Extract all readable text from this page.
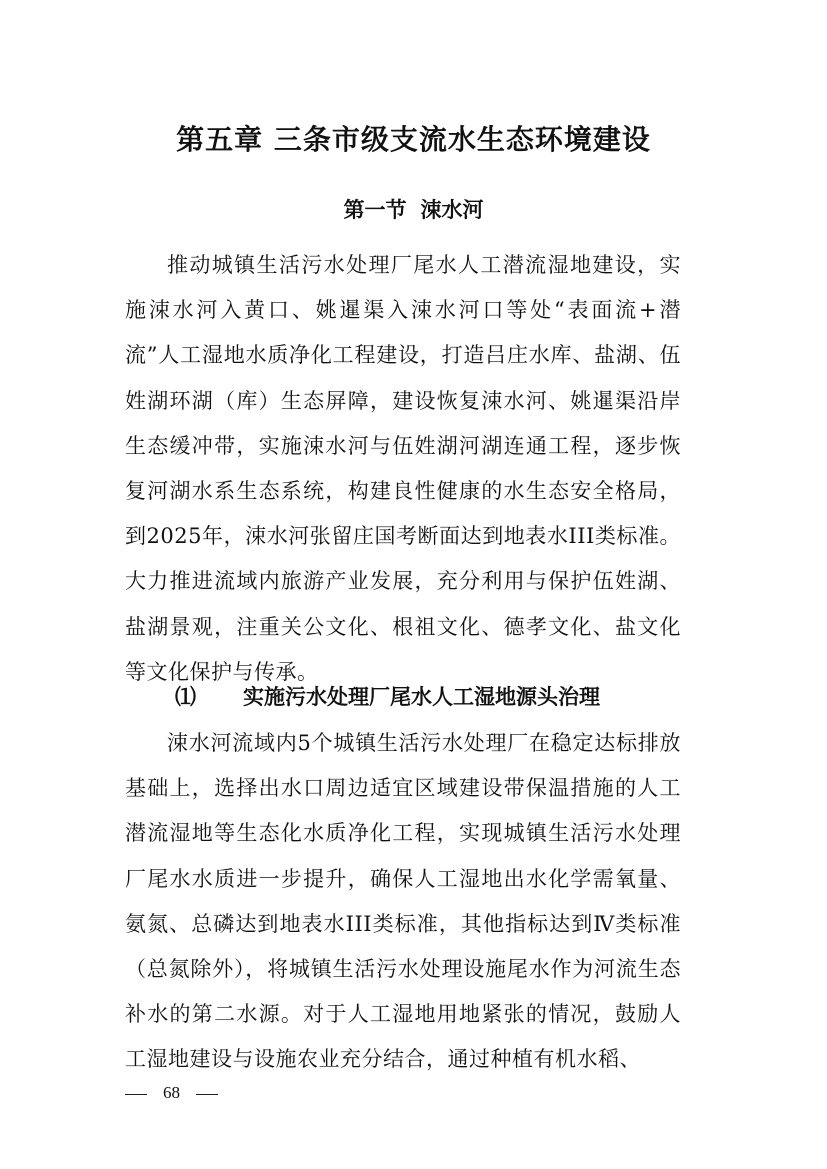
第五章 三条市级支流水生态环境建设
第一节 涑水河

推动城镇生活污水处理厂尾水人工潜流湿地建设，实施涑水河入黄口、姚暹渠入涑水河口等处“表面流+潜流”人工湿地水质净化工程建设，打造吕庄水库、盐湖、伍姓湖环湖（库）生态屏障，建设恢复涑水河、姚暹渠沿岸生态缓冲带，实施涑水河与伍姓湖河湖连通工程，逐步恢复河湖水系生态系统，构建良性健康的水生态安全格局，到2025年，涑水河张留庄国考断面达到地表水III类标准。大力推进流域内旅游产业发展，充分利用与保护伍姓湖、盐湖景观，注重关公文化、根祖文化、德孝文化、盐文化等文化保护与传承。

⑴ 实施污水处理厂尾水人工湿地源头治理

涑水河流域内5个城镇生活污水处理厂在稳定达标排放基础上，选择出水口周边适宜区域建设带保温措施的人工潜流湿地等生态化水质净化工程，实现城镇生活污水处理厂尾水水质进一步提升，确保人工湿地出水化学需氧量、氨氮、总磷达到地表水III类标准，其他指标达到Ⅳ类标准（总氮除外），将城镇生活污水处理设施尾水作为河流生态补水的第二水源。对于人工湿地用地紧张的情况，鼓励人工湿地建设与设施农业充分结合，通过种植有机水稻、

68
